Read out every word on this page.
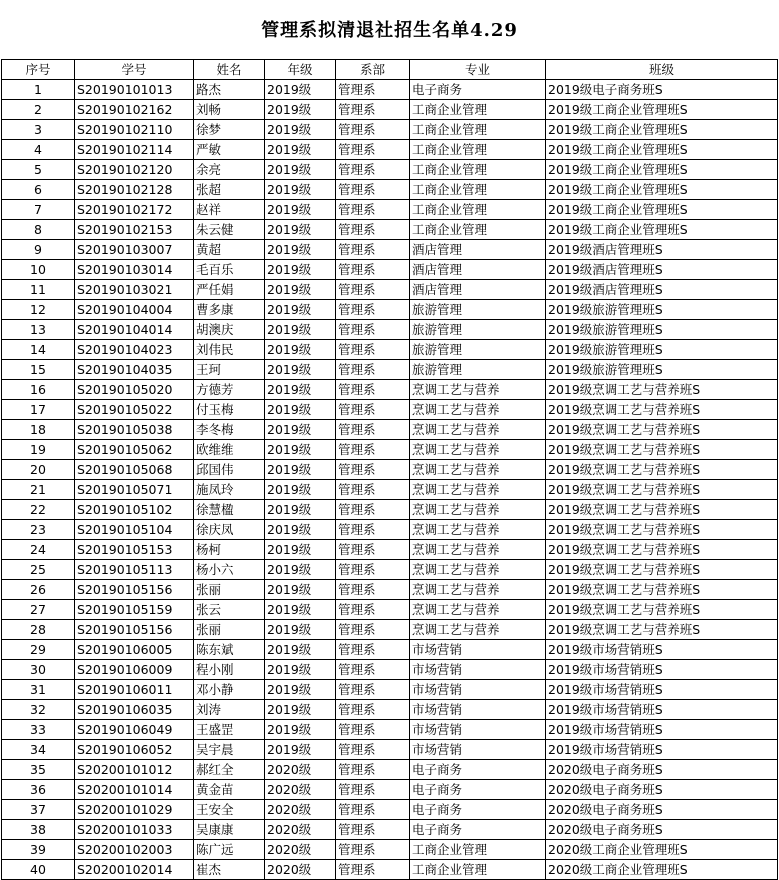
管理系拟清退社招生名单4.29
序号	学号	姓名	年级	系部	专业	班级
1	S20190101013	路杰	2019级	管理系	电子商务	2019级电子商务班S
2	S20190102162	刘畅	2019级	管理系	工商企业管理	2019级工商企业管理班S
3	S20190102110	徐梦	2019级	管理系	工商企业管理	2019级工商企业管理班S
4	S20190102114	严敏	2019级	管理系	工商企业管理	2019级工商企业管理班S
5	S20190102120	余亮	2019级	管理系	工商企业管理	2019级工商企业管理班S
6	S20190102128	张超	2019级	管理系	工商企业管理	2019级工商企业管理班S
7	S20190102172	赵祥	2019级	管理系	工商企业管理	2019级工商企业管理班S
8	S20190102153	朱云健	2019级	管理系	工商企业管理	2019级工商企业管理班S
9	S20190103007	黄超	2019级	管理系	酒店管理	2019级酒店管理班S
10	S20190103014	毛百乐	2019级	管理系	酒店管理	2019级酒店管理班S
11	S20190103021	严任娟	2019级	管理系	酒店管理	2019级酒店管理班S
12	S20190104004	曹多康	2019级	管理系	旅游管理	2019级旅游管理班S
13	S20190104014	胡澳庆	2019级	管理系	旅游管理	2019级旅游管理班S
14	S20190104023	刘伟民	2019级	管理系	旅游管理	2019级旅游管理班S
15	S20190104035	王珂	2019级	管理系	旅游管理	2019级旅游管理班S
16	S20190105020	方德芳	2019级	管理系	烹调工艺与营养	2019级烹调工艺与营养班S
17	S20190105022	付玉梅	2019级	管理系	烹调工艺与营养	2019级烹调工艺与营养班S
18	S20190105038	李冬梅	2019级	管理系	烹调工艺与营养	2019级烹调工艺与营养班S
19	S20190105062	欧维维	2019级	管理系	烹调工艺与营养	2019级烹调工艺与营养班S
20	S20190105068	邱国伟	2019级	管理系	烹调工艺与营养	2019级烹调工艺与营养班S
21	S20190105071	施凤玲	2019级	管理系	烹调工艺与营养	2019级烹调工艺与营养班S
22	S20190105102	徐慧楹	2019级	管理系	烹调工艺与营养	2019级烹调工艺与营养班S
23	S20190105104	徐庆凤	2019级	管理系	烹调工艺与营养	2019级烹调工艺与营养班S
24	S20190105153	杨柯	2019级	管理系	烹调工艺与营养	2019级烹调工艺与营养班S
25	S20190105113	杨小六	2019级	管理系	烹调工艺与营养	2019级烹调工艺与营养班S
26	S20190105156	张丽	2019级	管理系	烹调工艺与营养	2019级烹调工艺与营养班S
27	S20190105159	张云	2019级	管理系	烹调工艺与营养	2019级烹调工艺与营养班S
28	S20190105156	张丽	2019级	管理系	烹调工艺与营养	2019级烹调工艺与营养班S
29	S20190106005	陈东斌	2019级	管理系	市场营销	2019级市场营销班S
30	S20190106009	程小刚	2019级	管理系	市场营销	2019级市场营销班S
31	S20190106011	邓小静	2019级	管理系	市场营销	2019级市场营销班S
32	S20190106035	刘涛	2019级	管理系	市场营销	2019级市场营销班S
33	S20190106049	王盛罡	2019级	管理系	市场营销	2019级市场营销班S
34	S20190106052	吴宇晨	2019级	管理系	市场营销	2019级市场营销班S
35	S20200101012	郝红全	2020级	管理系	电子商务	2020级电子商务班S
36	S20200101014	黄金苗	2020级	管理系	电子商务	2020级电子商务班S
37	S20200101029	王安全	2020级	管理系	电子商务	2020级电子商务班S
38	S20200101033	吴康康	2020级	管理系	电子商务	2020级电子商务班S
39	S20200102003	陈广远	2020级	管理系	工商企业管理	2020级工商企业管理班S
40	S20200102014	崔杰	2020级	管理系	工商企业管理	2020级工商企业管理班S
